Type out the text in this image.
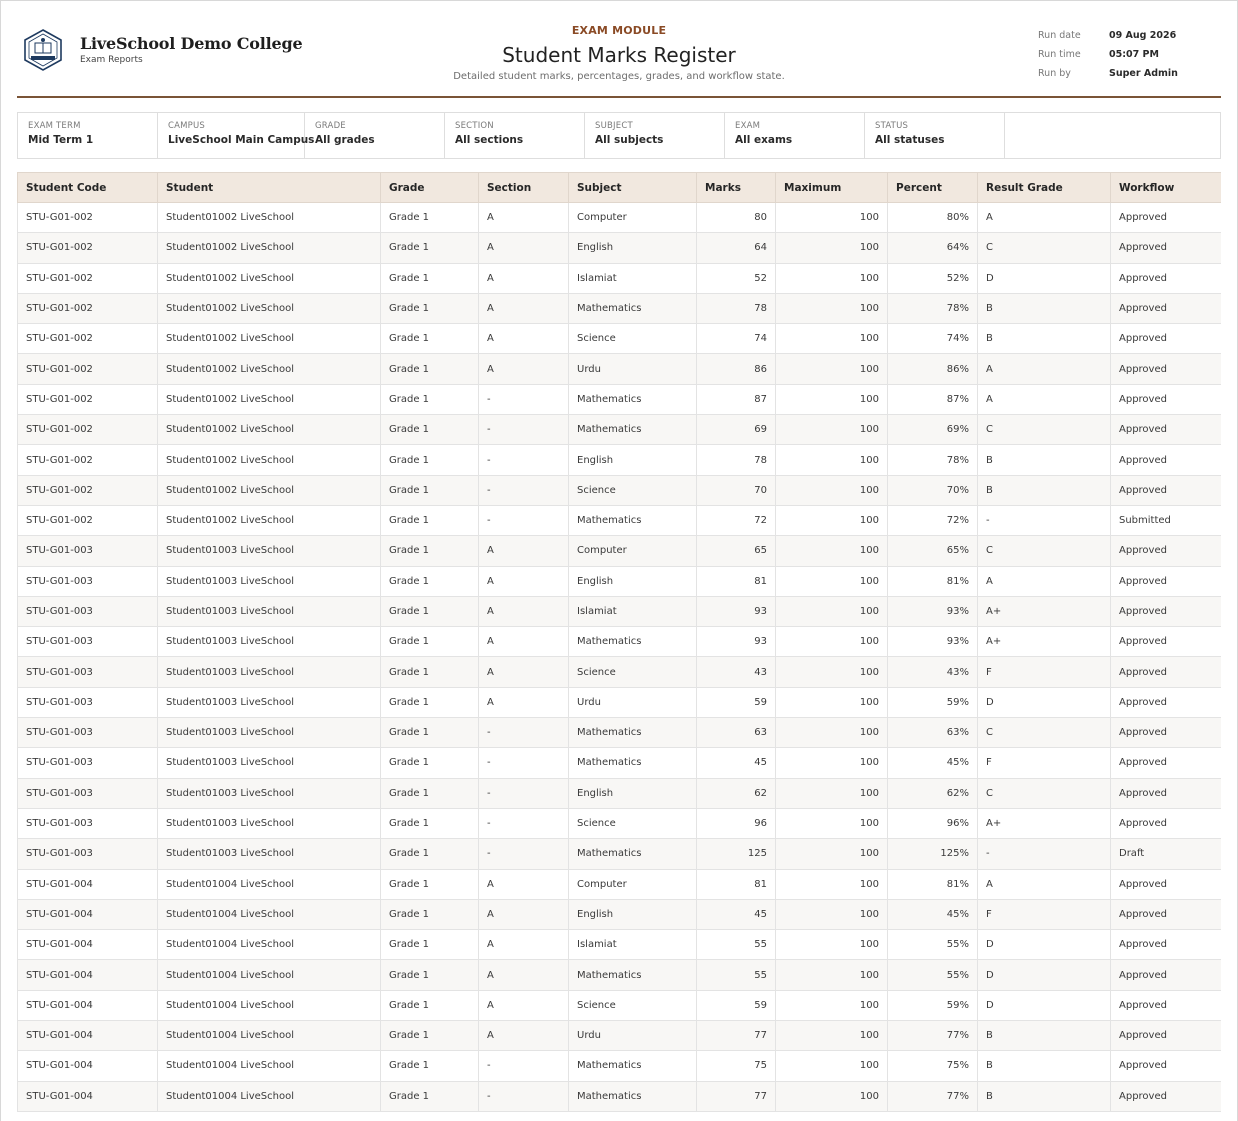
LiveSchool Demo College
Exam Reports
EXAM MODULE
Student Marks Register
Detailed student marks, percentages, grades, and workflow state.
Run date	09 Aug 2026
Run time	05:07 PM
Run by	Super Admin
EXAM TERM
Mid Term 1
CAMPUS
LiveSchool Main Campus
GRADE
All grades
SECTION
All sections
SUBJECT
All subjects
EXAM
All exams
STATUS
All statuses
Student Code	Student	Grade	Section	Subject	Marks	Maximum	Percent	Result Grade	Workflow
STU-G01-002	Student01002 LiveSchool	Grade 1	A	Computer	80	100	80%	A	Approved
STU-G01-002	Student01002 LiveSchool	Grade 1	A	English	64	100	64%	C	Approved
STU-G01-002	Student01002 LiveSchool	Grade 1	A	Islamiat	52	100	52%	D	Approved
STU-G01-002	Student01002 LiveSchool	Grade 1	A	Mathematics	78	100	78%	B	Approved
STU-G01-002	Student01002 LiveSchool	Grade 1	A	Science	74	100	74%	B	Approved
STU-G01-002	Student01002 LiveSchool	Grade 1	A	Urdu	86	100	86%	A	Approved
STU-G01-002	Student01002 LiveSchool	Grade 1	-	Mathematics	87	100	87%	A	Approved
STU-G01-002	Student01002 LiveSchool	Grade 1	-	Mathematics	69	100	69%	C	Approved
STU-G01-002	Student01002 LiveSchool	Grade 1	-	English	78	100	78%	B	Approved
STU-G01-002	Student01002 LiveSchool	Grade 1	-	Science	70	100	70%	B	Approved
STU-G01-002	Student01002 LiveSchool	Grade 1	-	Mathematics	72	100	72%	-	Submitted
STU-G01-003	Student01003 LiveSchool	Grade 1	A	Computer	65	100	65%	C	Approved
STU-G01-003	Student01003 LiveSchool	Grade 1	A	English	81	100	81%	A	Approved
STU-G01-003	Student01003 LiveSchool	Grade 1	A	Islamiat	93	100	93%	A+	Approved
STU-G01-003	Student01003 LiveSchool	Grade 1	A	Mathematics	93	100	93%	A+	Approved
STU-G01-003	Student01003 LiveSchool	Grade 1	A	Science	43	100	43%	F	Approved
STU-G01-003	Student01003 LiveSchool	Grade 1	A	Urdu	59	100	59%	D	Approved
STU-G01-003	Student01003 LiveSchool	Grade 1	-	Mathematics	63	100	63%	C	Approved
STU-G01-003	Student01003 LiveSchool	Grade 1	-	Mathematics	45	100	45%	F	Approved
STU-G01-003	Student01003 LiveSchool	Grade 1	-	English	62	100	62%	C	Approved
STU-G01-003	Student01003 LiveSchool	Grade 1	-	Science	96	100	96%	A+	Approved
STU-G01-003	Student01003 LiveSchool	Grade 1	-	Mathematics	125	100	125%	-	Draft
STU-G01-004	Student01004 LiveSchool	Grade 1	A	Computer	81	100	81%	A	Approved
STU-G01-004	Student01004 LiveSchool	Grade 1	A	English	45	100	45%	F	Approved
STU-G01-004	Student01004 LiveSchool	Grade 1	A	Islamiat	55	100	55%	D	Approved
STU-G01-004	Student01004 LiveSchool	Grade 1	A	Mathematics	55	100	55%	D	Approved
STU-G01-004	Student01004 LiveSchool	Grade 1	A	Science	59	100	59%	D	Approved
STU-G01-004	Student01004 LiveSchool	Grade 1	A	Urdu	77	100	77%	B	Approved
STU-G01-004	Student01004 LiveSchool	Grade 1	-	Mathematics	75	100	75%	B	Approved
STU-G01-004	Student01004 LiveSchool	Grade 1	-	Mathematics	77	100	77%	B	Approved
